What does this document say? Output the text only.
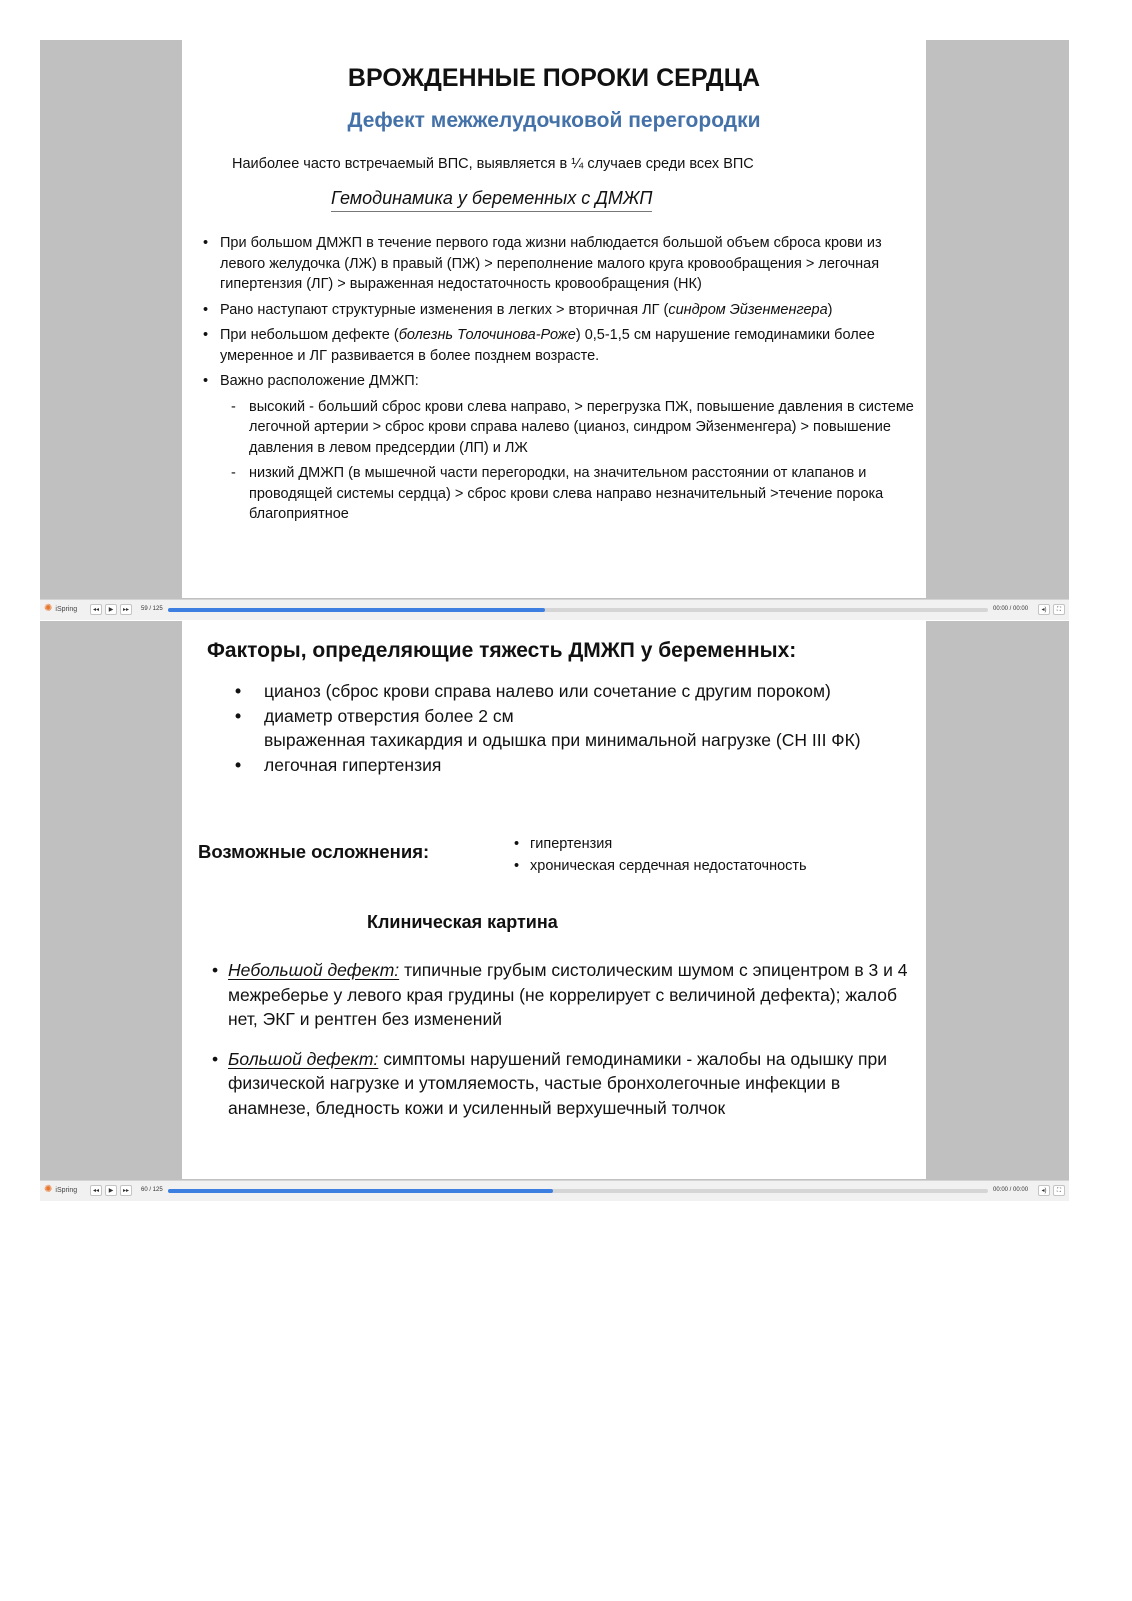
ВРОЖДЕННЫЕ ПОРОКИ СЕРДЦА
Дефект межжелудочковой перегородки
Наиболее часто встречаемый ВПС, выявляется в ¼ случаев среди всех ВПС
Гемодинамика у беременных с ДМЖП
• При большом ДМЖП в течение первого года жизни наблюдается большой объем сброса крови из левого желудочка (ЛЖ) в правый (ПЖ) > переполнение малого круга кровообращения > легочная гипертензия (ЛГ) > выраженная недостаточность кровообращения (НК)
• Рано наступают структурные изменения в легких > вторичная ЛГ (синдром Эйзенменгера)
• При небольшом дефекте (болезнь Толочинова-Роже) 0,5-1,5 см нарушение гемодинамики более умеренное и ЛГ развивается в более позднем возрасте.
• Важно расположение ДМЖП:
- высокий - больший сброс крови слева направо, > перегрузка ПЖ, повышение давления в системе легочной артерии > сброс крови справа налево (цианоз, синдром Эйзенменгера) > повышение давления в левом предсердии (ЛП) и ЛЖ
- низкий ДМЖП (в мышечной части перегородки, на значительном расстоянии от клапанов и проводящей системы сердца) > сброс крови слева направо незначительный >течение порока благоприятное
✺ iSpring	◂◂	▶	▸▸	59 / 125	00:00 / 00:00	◂)	⛶
Факторы, определяющие тяжесть ДМЖП у беременных:
• цианоз (сброс крови справа налево или сочетание с другим пороком)
• диаметр отверстия более 2 см
выраженная тахикардия и одышка при минимальной нагрузке (СН III ФК)
• легочная гипертензия
Возможные осложнения:
•	гипертензия
• хроническая сердечная недостаточность
Клиническая картина
• Небольшой дефект: типичные грубым систолическим шумом с эпицентром в 3 и 4 межреберье у левого края грудины (не коррелирует с величиной дефекта); жалоб нет, ЭКГ и рентген без изменений
• Большой дефект: симптомы нарушений гемодинамики - жалобы на одышку при физической нагрузке и утомляемость, частые бронхолегочные инфекции в анамнезе, бледность кожи и усиленный верхушечный толчок
✺ iSpring	◂◂	▶	▸▸	60 / 125	00:00 / 00:00	◂)	⛶
